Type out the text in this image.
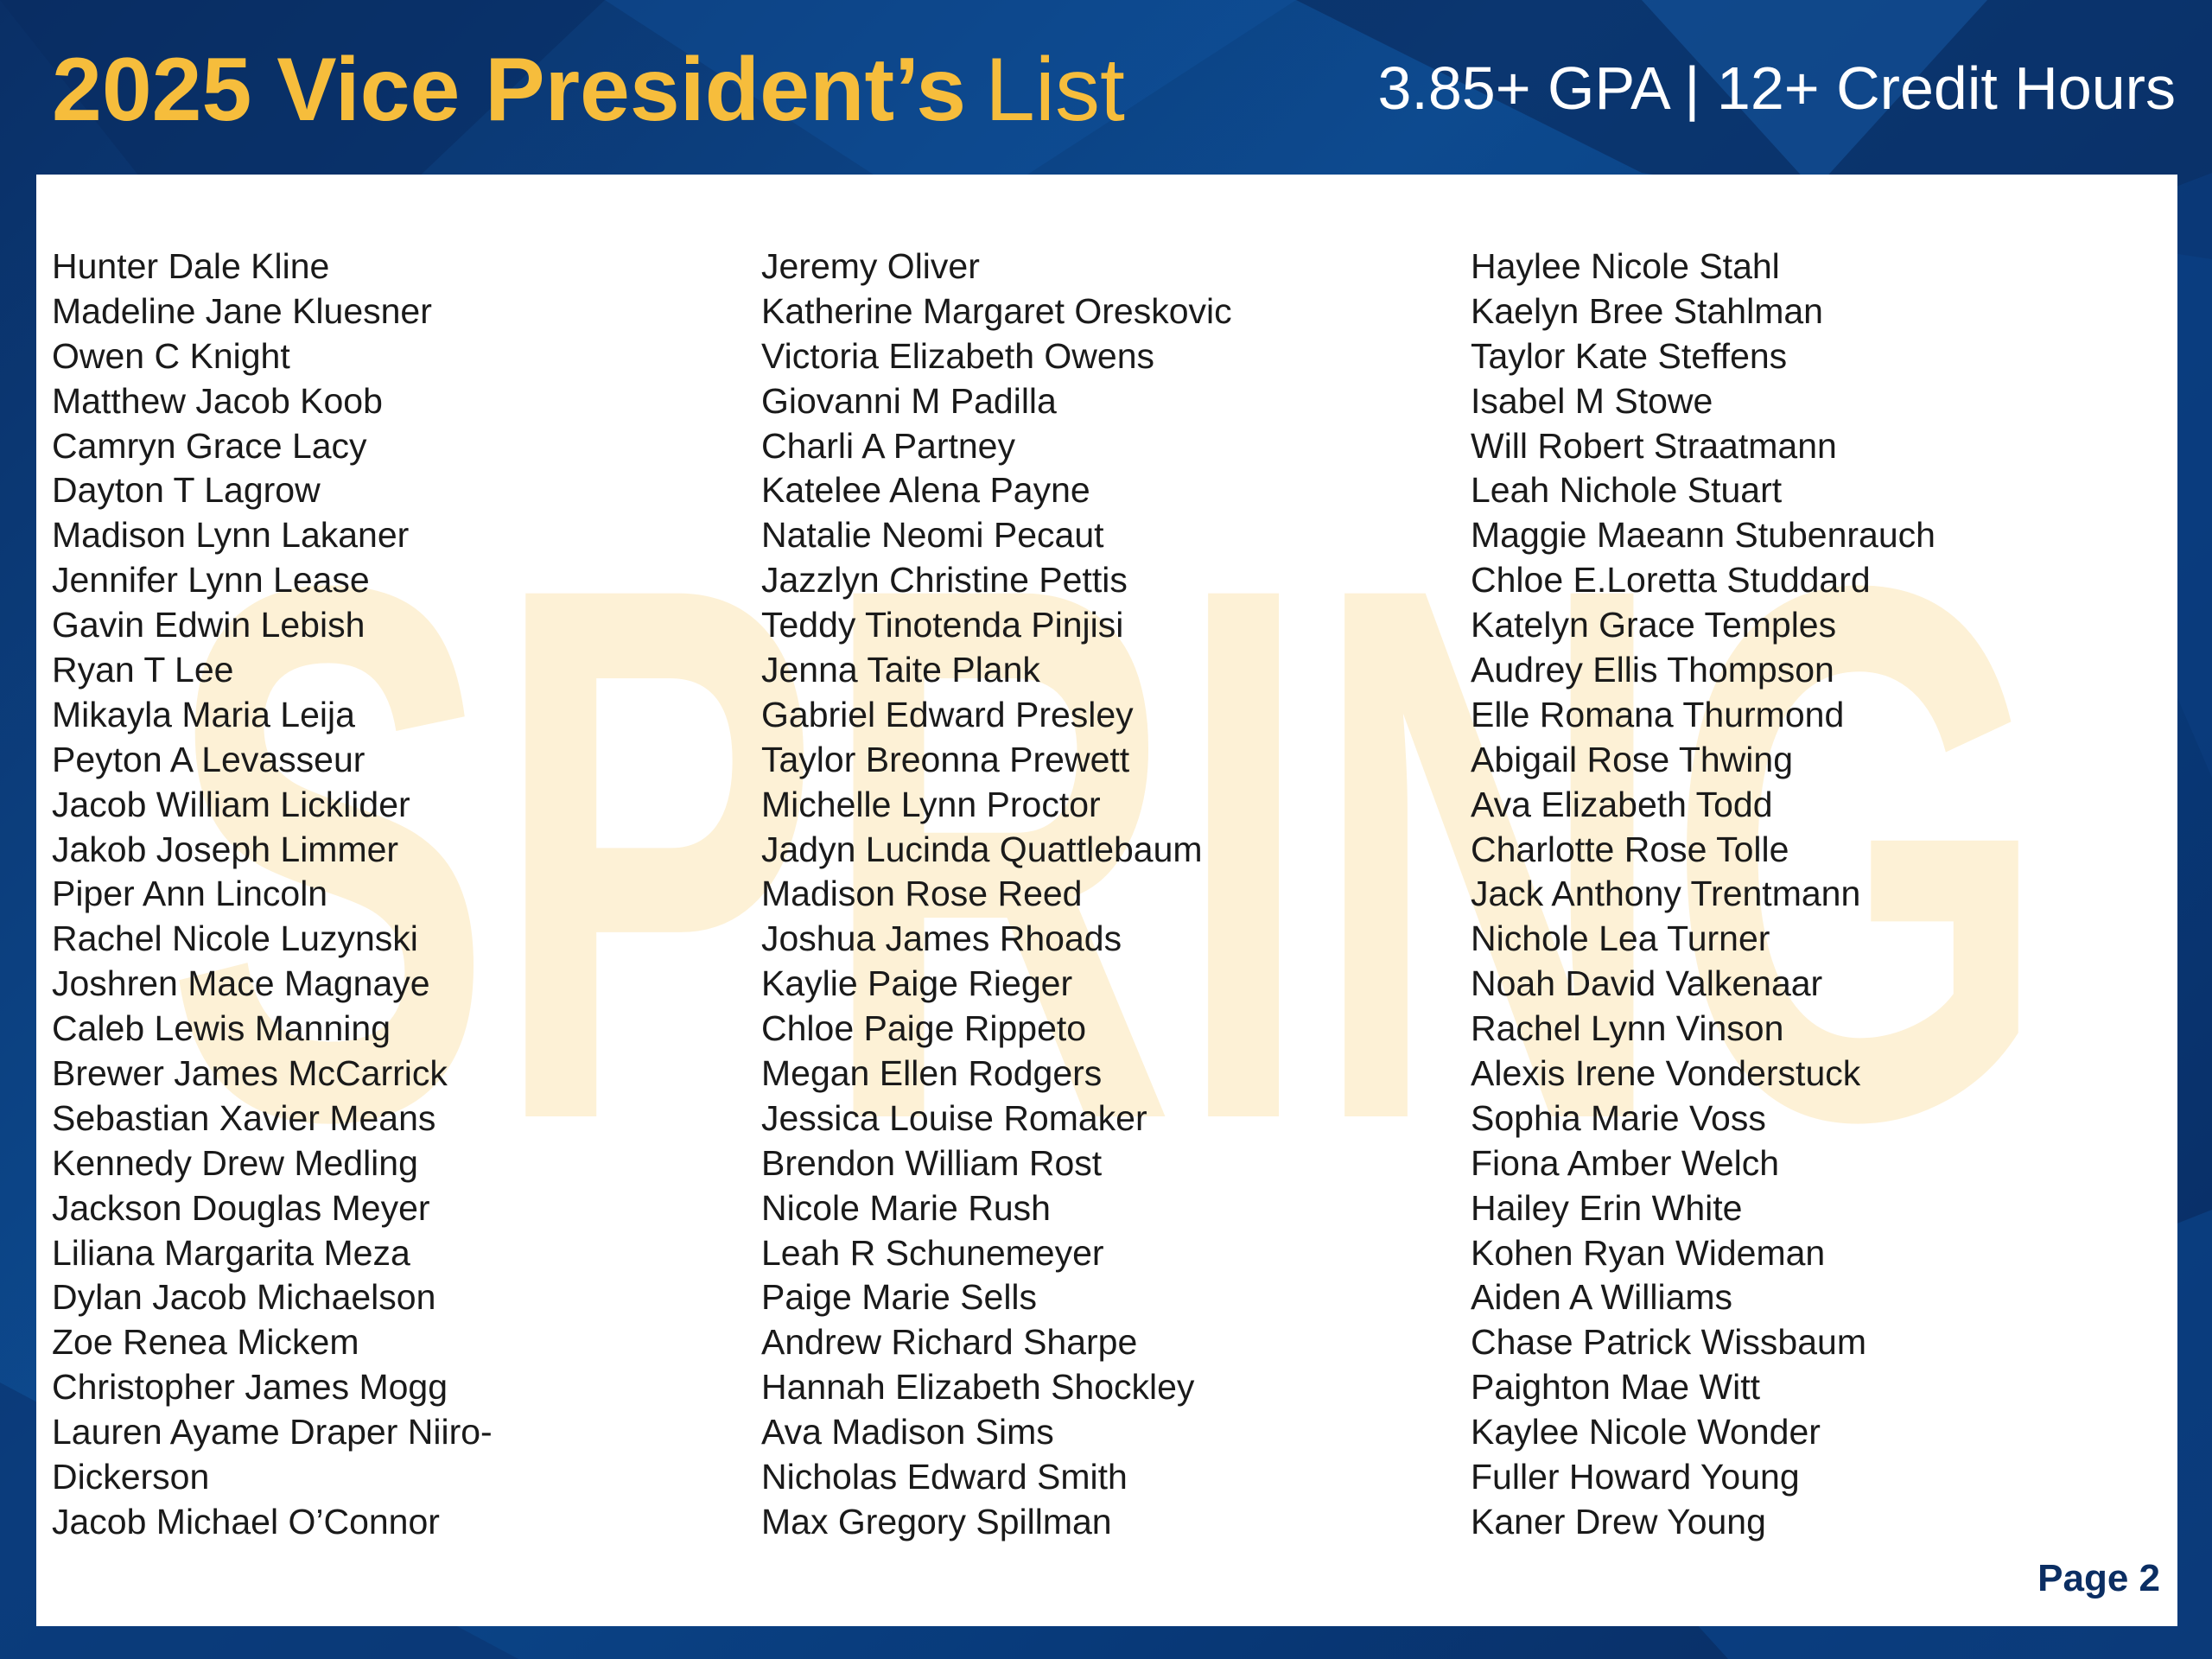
2025 Vice President’s List	3.85+ GPA | 12+ Credit Hours
SPRING
Hunter Dale Kline
Madeline Jane Kluesner
Owen C Knight
Matthew Jacob Koob
Camryn Grace Lacy
Dayton T Lagrow
Madison Lynn Lakaner
Jennifer Lynn Lease
Gavin Edwin Lebish
Ryan T Lee
Mikayla Maria Leija
Peyton A Levasseur
Jacob William Licklider
Jakob Joseph Limmer
Piper Ann Lincoln
Rachel Nicole Luzynski
Joshren Mace Magnaye
Caleb Lewis Manning
Brewer James McCarrick
Sebastian Xavier Means
Kennedy Drew Medling
Jackson Douglas Meyer
Liliana Margarita Meza
Dylan Jacob Michaelson
Zoe Renea Mickem
Christopher James Mogg
Lauren Ayame Draper Niiro-
Dickerson
Jacob Michael O’Connor
Jeremy Oliver
Katherine Margaret Oreskovic
Victoria Elizabeth Owens
Giovanni M Padilla
Charli A Partney
Katelee Alena Payne
Natalie Neomi Pecaut
Jazzlyn Christine Pettis
Teddy Tinotenda Pinjisi
Jenna Taite Plank
Gabriel Edward Presley
Taylor Breonna Prewett
Michelle Lynn Proctor
Jadyn Lucinda Quattlebaum
Madison Rose Reed
Joshua James Rhoads
Kaylie Paige Rieger
Chloe Paige Rippeto
Megan Ellen Rodgers
Jessica Louise Romaker
Brendon William Rost
Nicole Marie Rush
Leah R Schunemeyer
Paige Marie Sells
Andrew Richard Sharpe
Hannah Elizabeth Shockley
Ava Madison Sims
Nicholas Edward Smith
Max Gregory Spillman
Haylee Nicole Stahl
Kaelyn Bree Stahlman
Taylor Kate Steffens
Isabel M Stowe
Will Robert Straatmann
Leah Nichole Stuart
Maggie Maeann Stubenrauch
Chloe E.Loretta Studdard
Katelyn Grace Temples
Audrey Ellis Thompson
Elle Romana Thurmond
Abigail Rose Thwing
Ava Elizabeth Todd
Charlotte Rose Tolle
Jack Anthony Trentmann
Nichole Lea Turner
Noah David Valkenaar
Rachel Lynn Vinson
Alexis Irene Vonderstuck
Sophia Marie Voss
Fiona Amber Welch
Hailey Erin White
Kohen Ryan Wideman
Aiden A Williams
Chase Patrick Wissbaum
Paighton Mae Witt
Kaylee Nicole Wonder
Fuller Howard Young
Kaner Drew Young
Page 2
